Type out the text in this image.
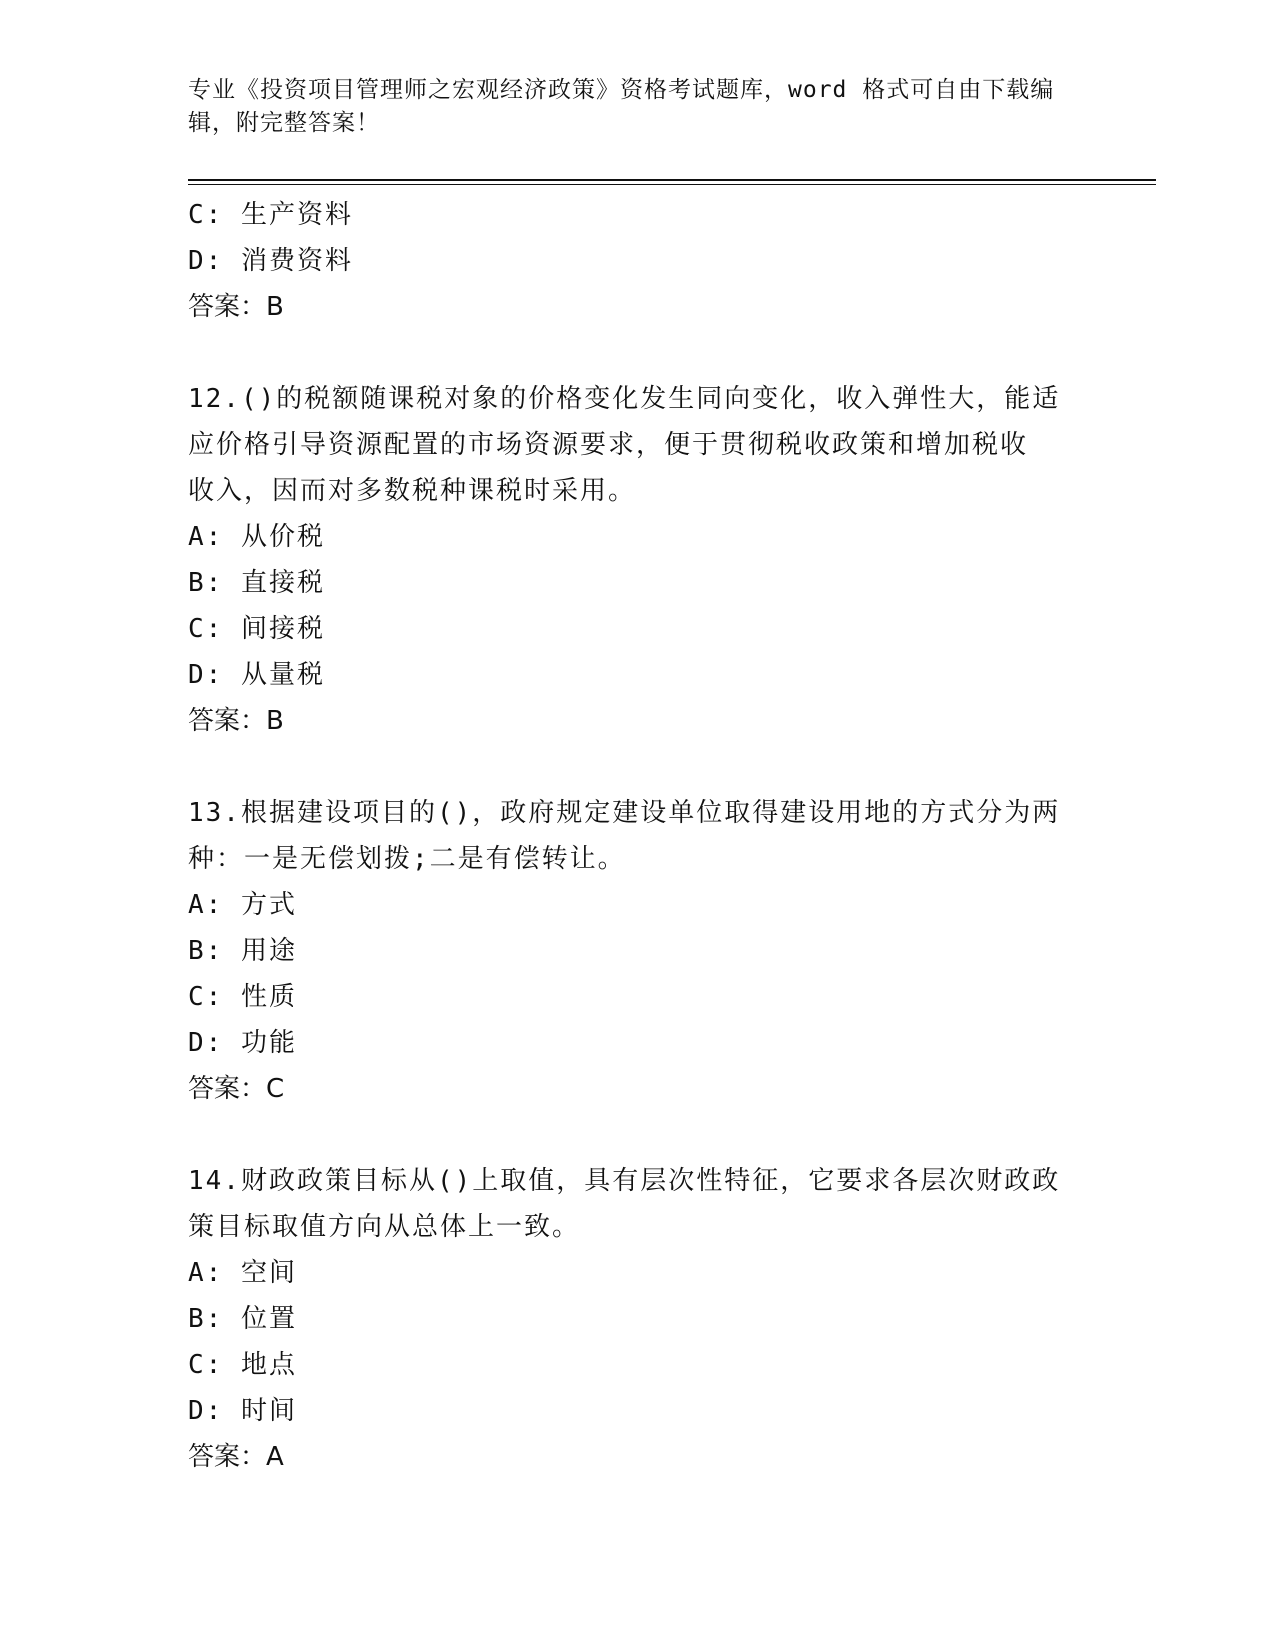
专业《投资项目管理师之宏观经济政策》资格考试题库，word 格式可自由下载编
辑，附完整答案！
C: 生产资料
D: 消费资料
答案：B
12.()的税额随课税对象的价格变化发生同向变化，收入弹性大，能适
应价格引导资源配置的市场资源要求，便于贯彻税收政策和增加税收
收入，因而对多数税种课税时采用。
A: 从价税
B: 直接税
C: 间接税
D: 从量税
答案：B
13.根据建设项目的()，政府规定建设单位取得建设用地的方式分为两
种：一是无偿划拨;二是有偿转让。
A: 方式
B: 用途
C: 性质
D: 功能
答案：C
14.财政政策目标从()上取值，具有层次性特征，它要求各层次财政政
策目标取值方向从总体上一致。
A: 空间
B: 位置
C: 地点
D: 时间
答案：A
